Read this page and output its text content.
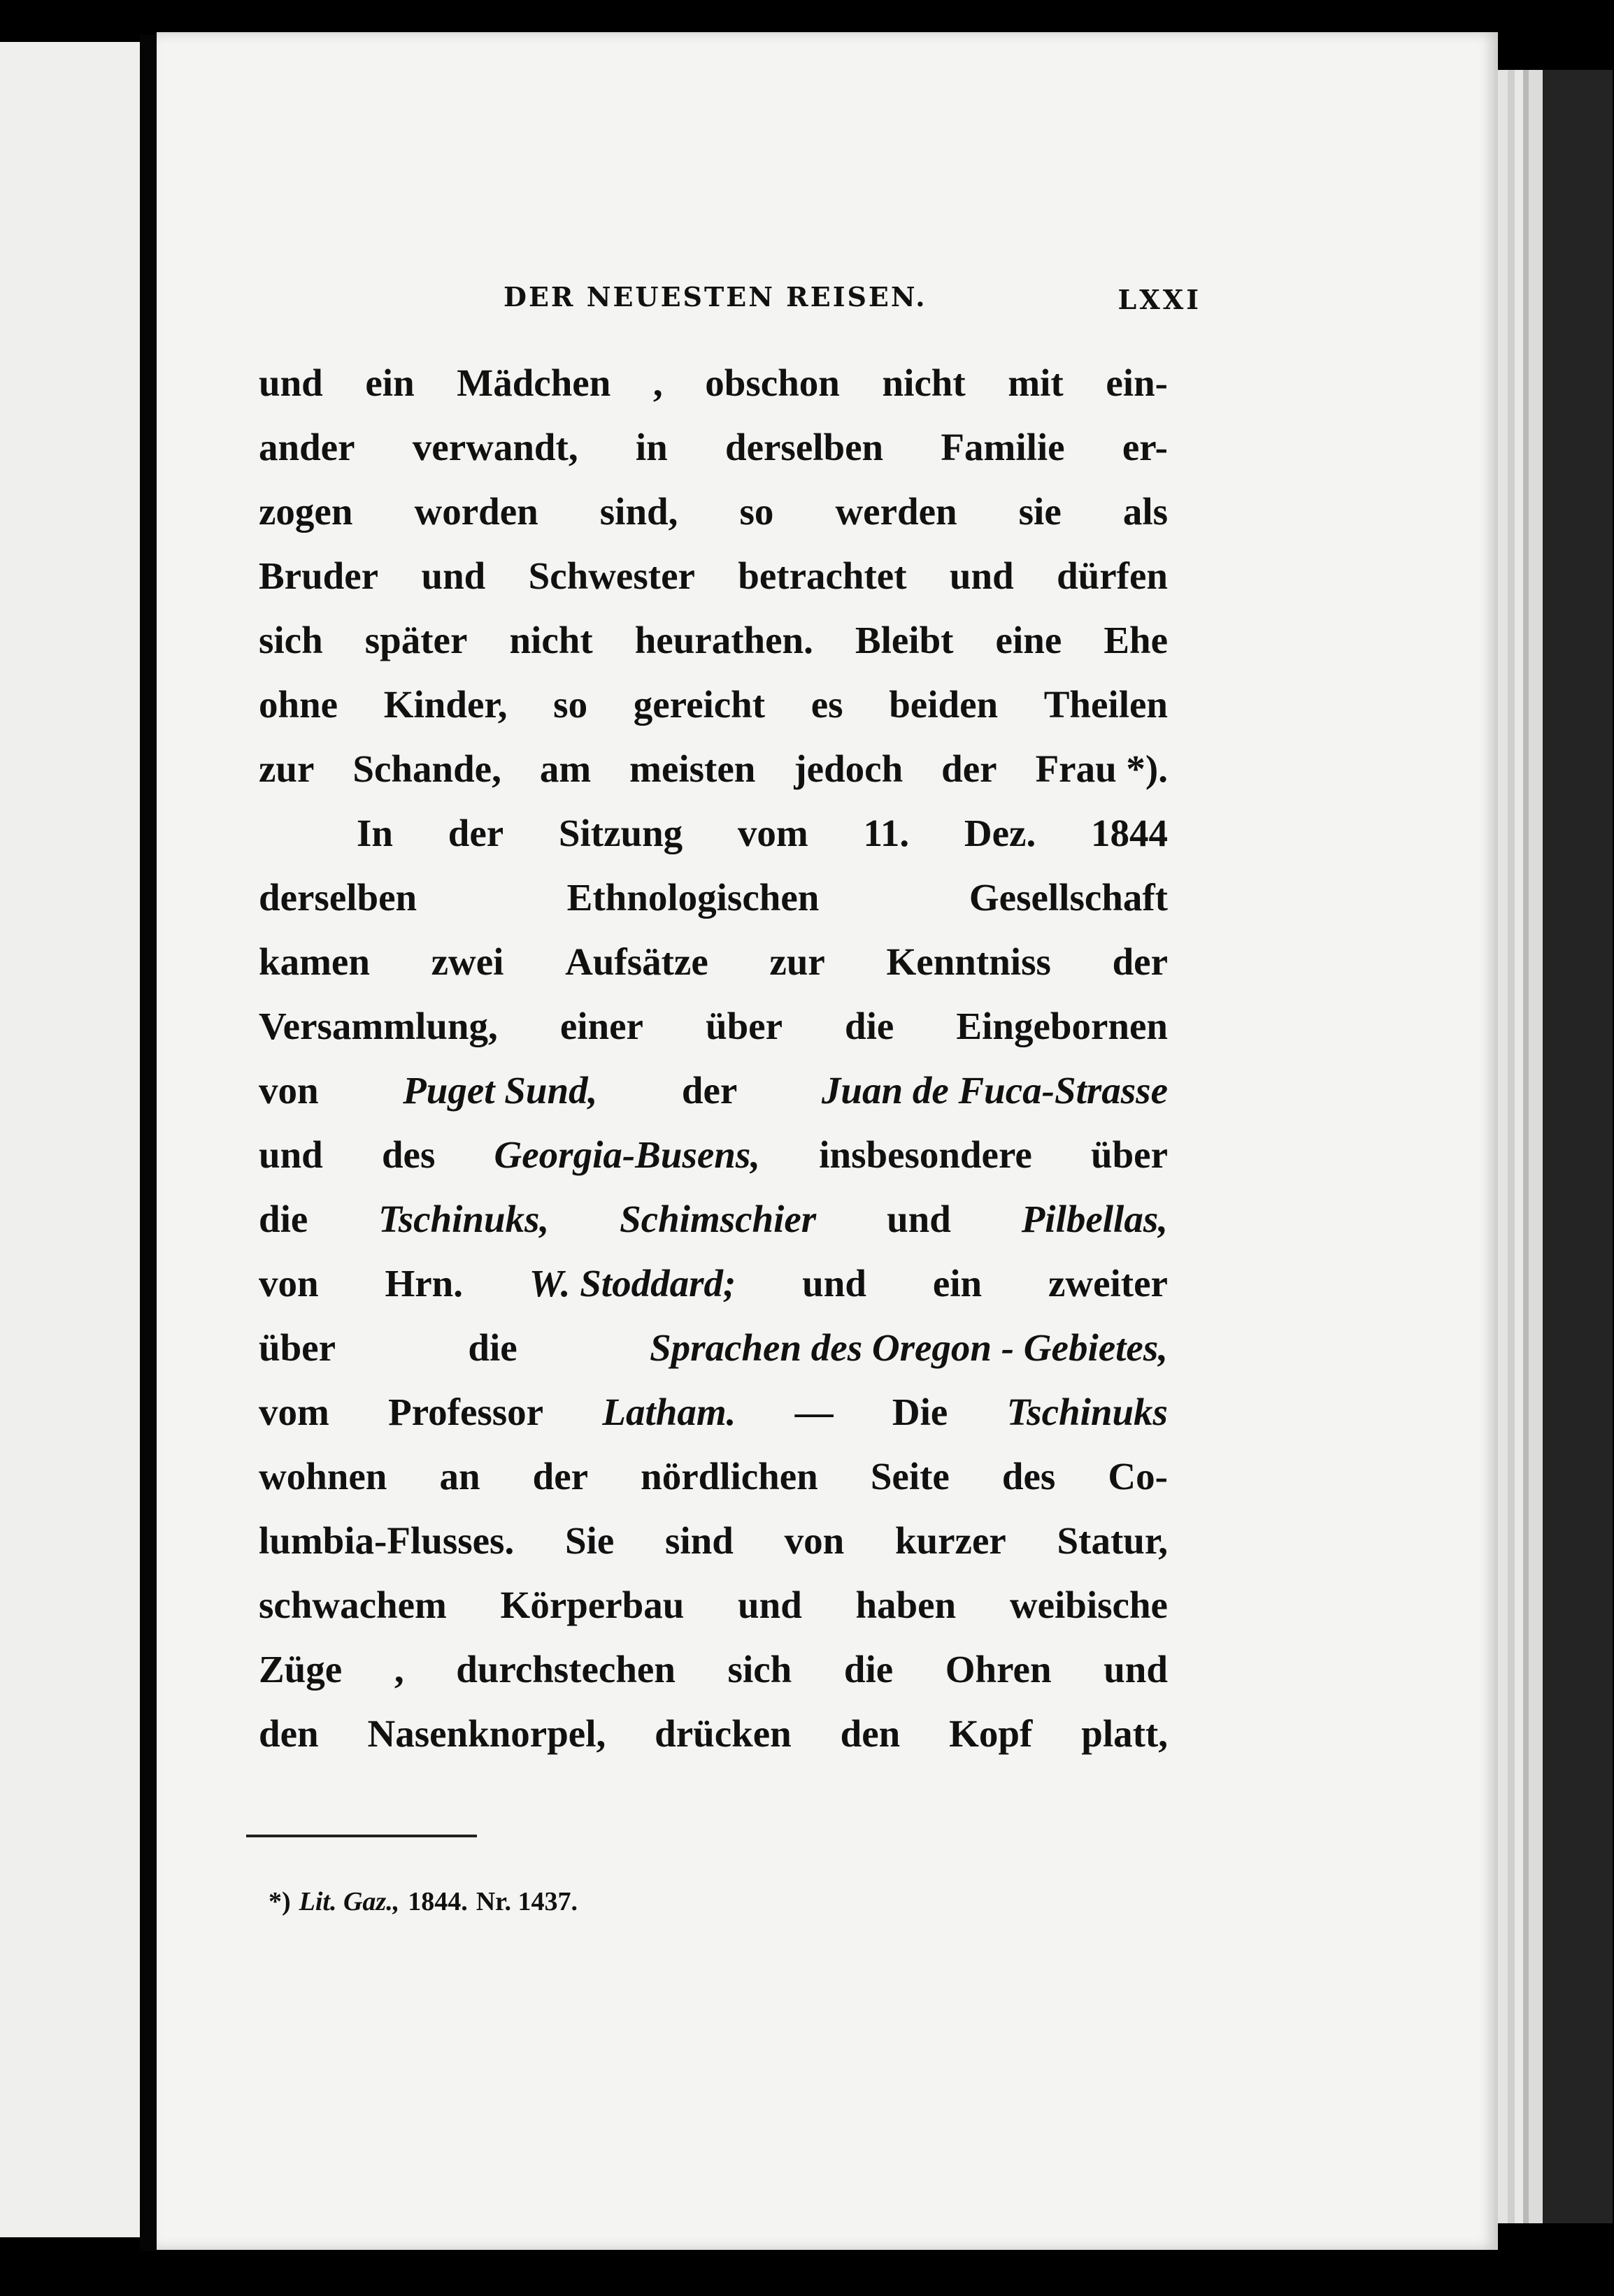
DER NEUESTEN REISEN.	LXXI
und ein Mädchen , obschon nicht mit ein-
ander verwandt, in derselben Familie er-
zogen worden sind, so werden sie als
Bruder und Schwester betrachtet und dürfen
sich später nicht heurathen. Bleibt eine Ehe
ohne Kinder, so gereicht es beiden Theilen
zur Schande, am meisten jedoch der Frau *).
In der Sitzung vom 11. Dez. 1844
derselben	Ethnologischen	Gesellschaft
kamen zwei Aufsätze zur Kenntniss der
Versammlung, einer über die Eingebornen
von Puget Sund, der Juan de Fuca-Strasse
und des Georgia-Busens, insbesondere über
die Tschinuks, Schimschier und Pilbellas,
von Hrn. W. Stoddard; und ein zweiter
über	die	Sprachen des Oregon - Gebietes,
vom Professor Latham. — Die Tschinuks
wohnen an der nördlichen Seite des Co-
lumbia-Flusses. Sie sind von kurzer Statur,
schwachem Körperbau und haben weibische
Züge , durchstechen sich die Ohren und
den Nasenknorpel, drücken den Kopf platt,
*) Lit. Gaz., 1844. Nr. 1437.
